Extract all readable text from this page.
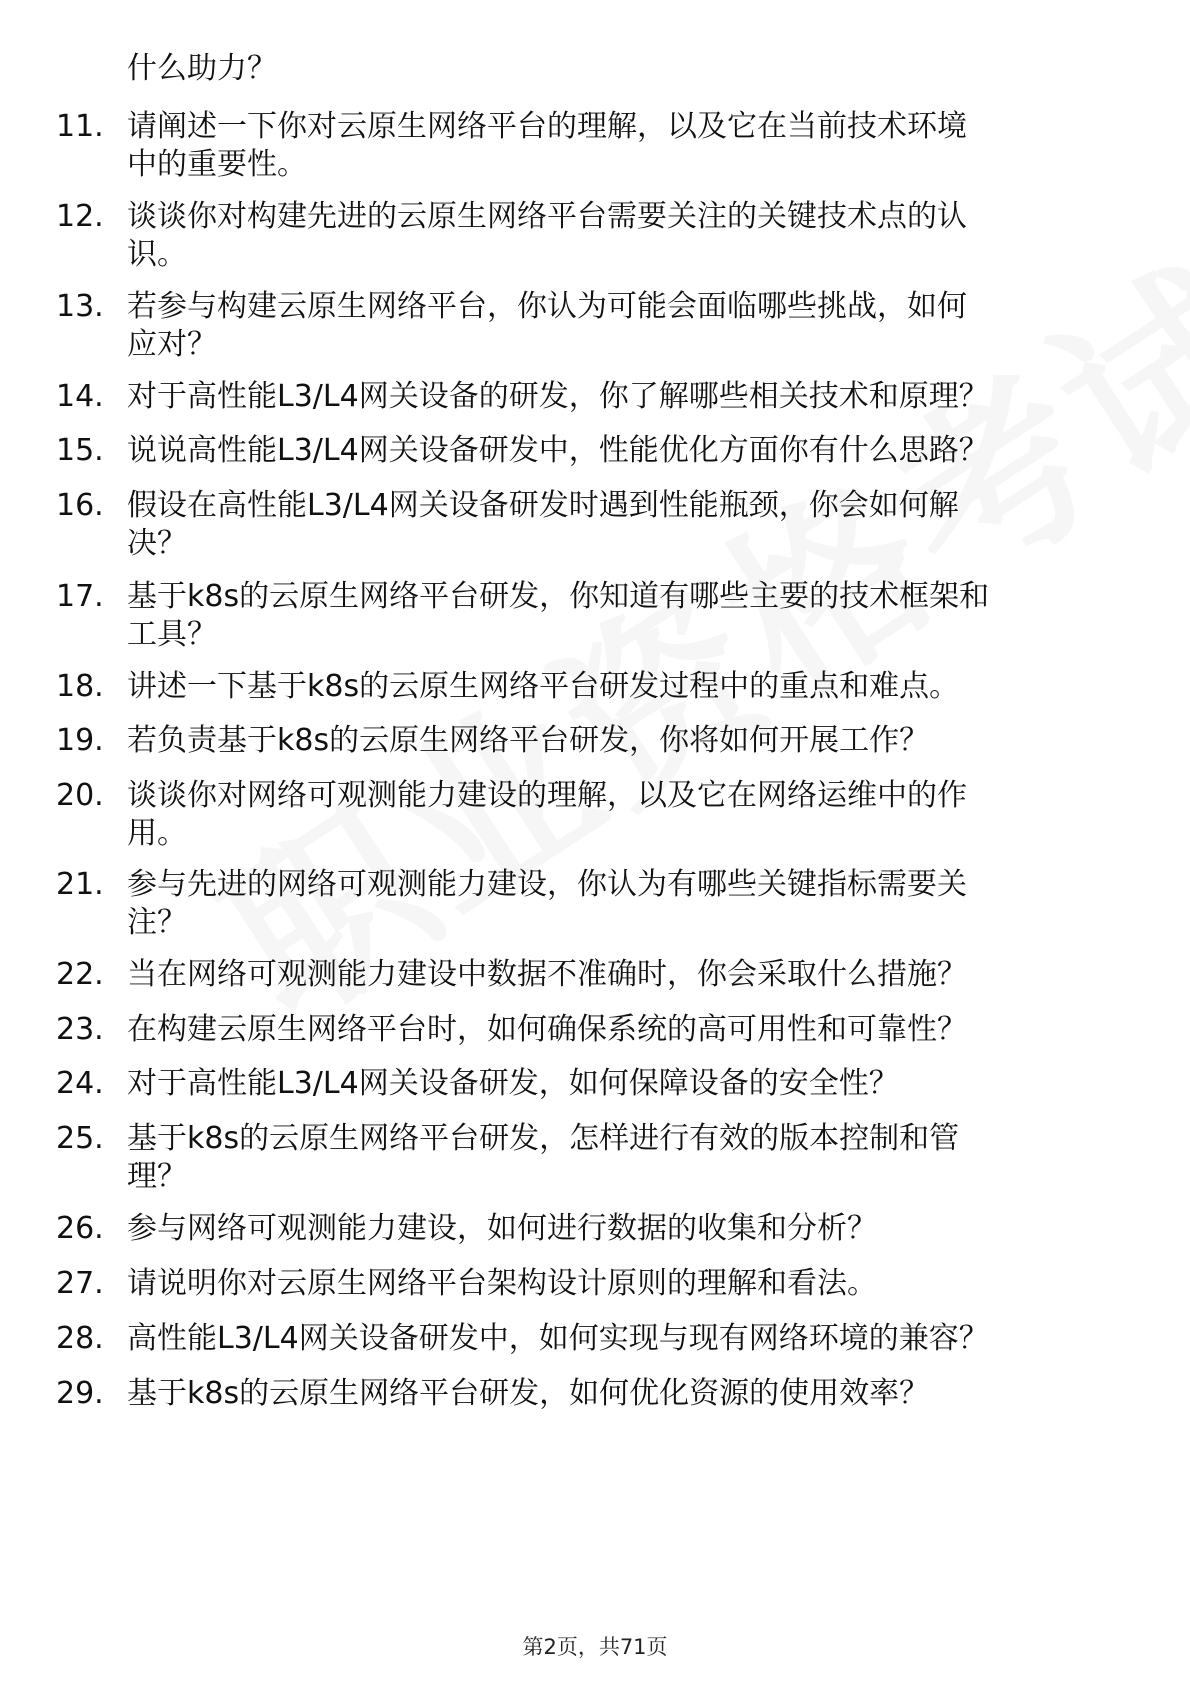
什么助力？
11. 请阐述一下你对云原生网络平台的理解，以及它在当前技术环境
中的重要性。
12. 谈谈你对构建先进的云原生网络平台需要关注的关键技术点的认
识。
13. 若参与构建云原生网络平台，你认为可能会面临哪些挑战，如何
应对？
14. 对于高性能L3/L4网关设备的研发，你了解哪些相关技术和原理？
15. 说说高性能L3/L4网关设备研发中，性能优化方面你有什么思路？
16. 假设在高性能L3/L4网关设备研发时遇到性能瓶颈，你会如何解
决？
17. 基于k8s的云原生网络平台研发，你知道有哪些主要的技术框架和
工具？
18. 讲述一下基于k8s的云原生网络平台研发过程中的重点和难点。
19. 若负责基于k8s的云原生网络平台研发，你将如何开展工作？
20. 谈谈你对网络可观测能力建设的理解，以及它在网络运维中的作
用。
21. 参与先进的网络可观测能力建设，你认为有哪些关键指标需要关
注？
22. 当在网络可观测能力建设中数据不准确时，你会采取什么措施？
23. 在构建云原生网络平台时，如何确保系统的高可用性和可靠性？
24. 对于高性能L3/L4网关设备研发，如何保障设备的安全性？
25. 基于k8s的云原生网络平台研发，怎样进行有效的版本控制和管
理？
26. 参与网络可观测能力建设，如何进行数据的收集和分析？
27. 请说明你对云原生网络平台架构设计原则的理解和看法。
28. 高性能L3/L4网关设备研发中，如何实现与现有网络环境的兼容？
29. 基于k8s的云原生网络平台研发，如何优化资源的使用效率？
第2页，共71页
